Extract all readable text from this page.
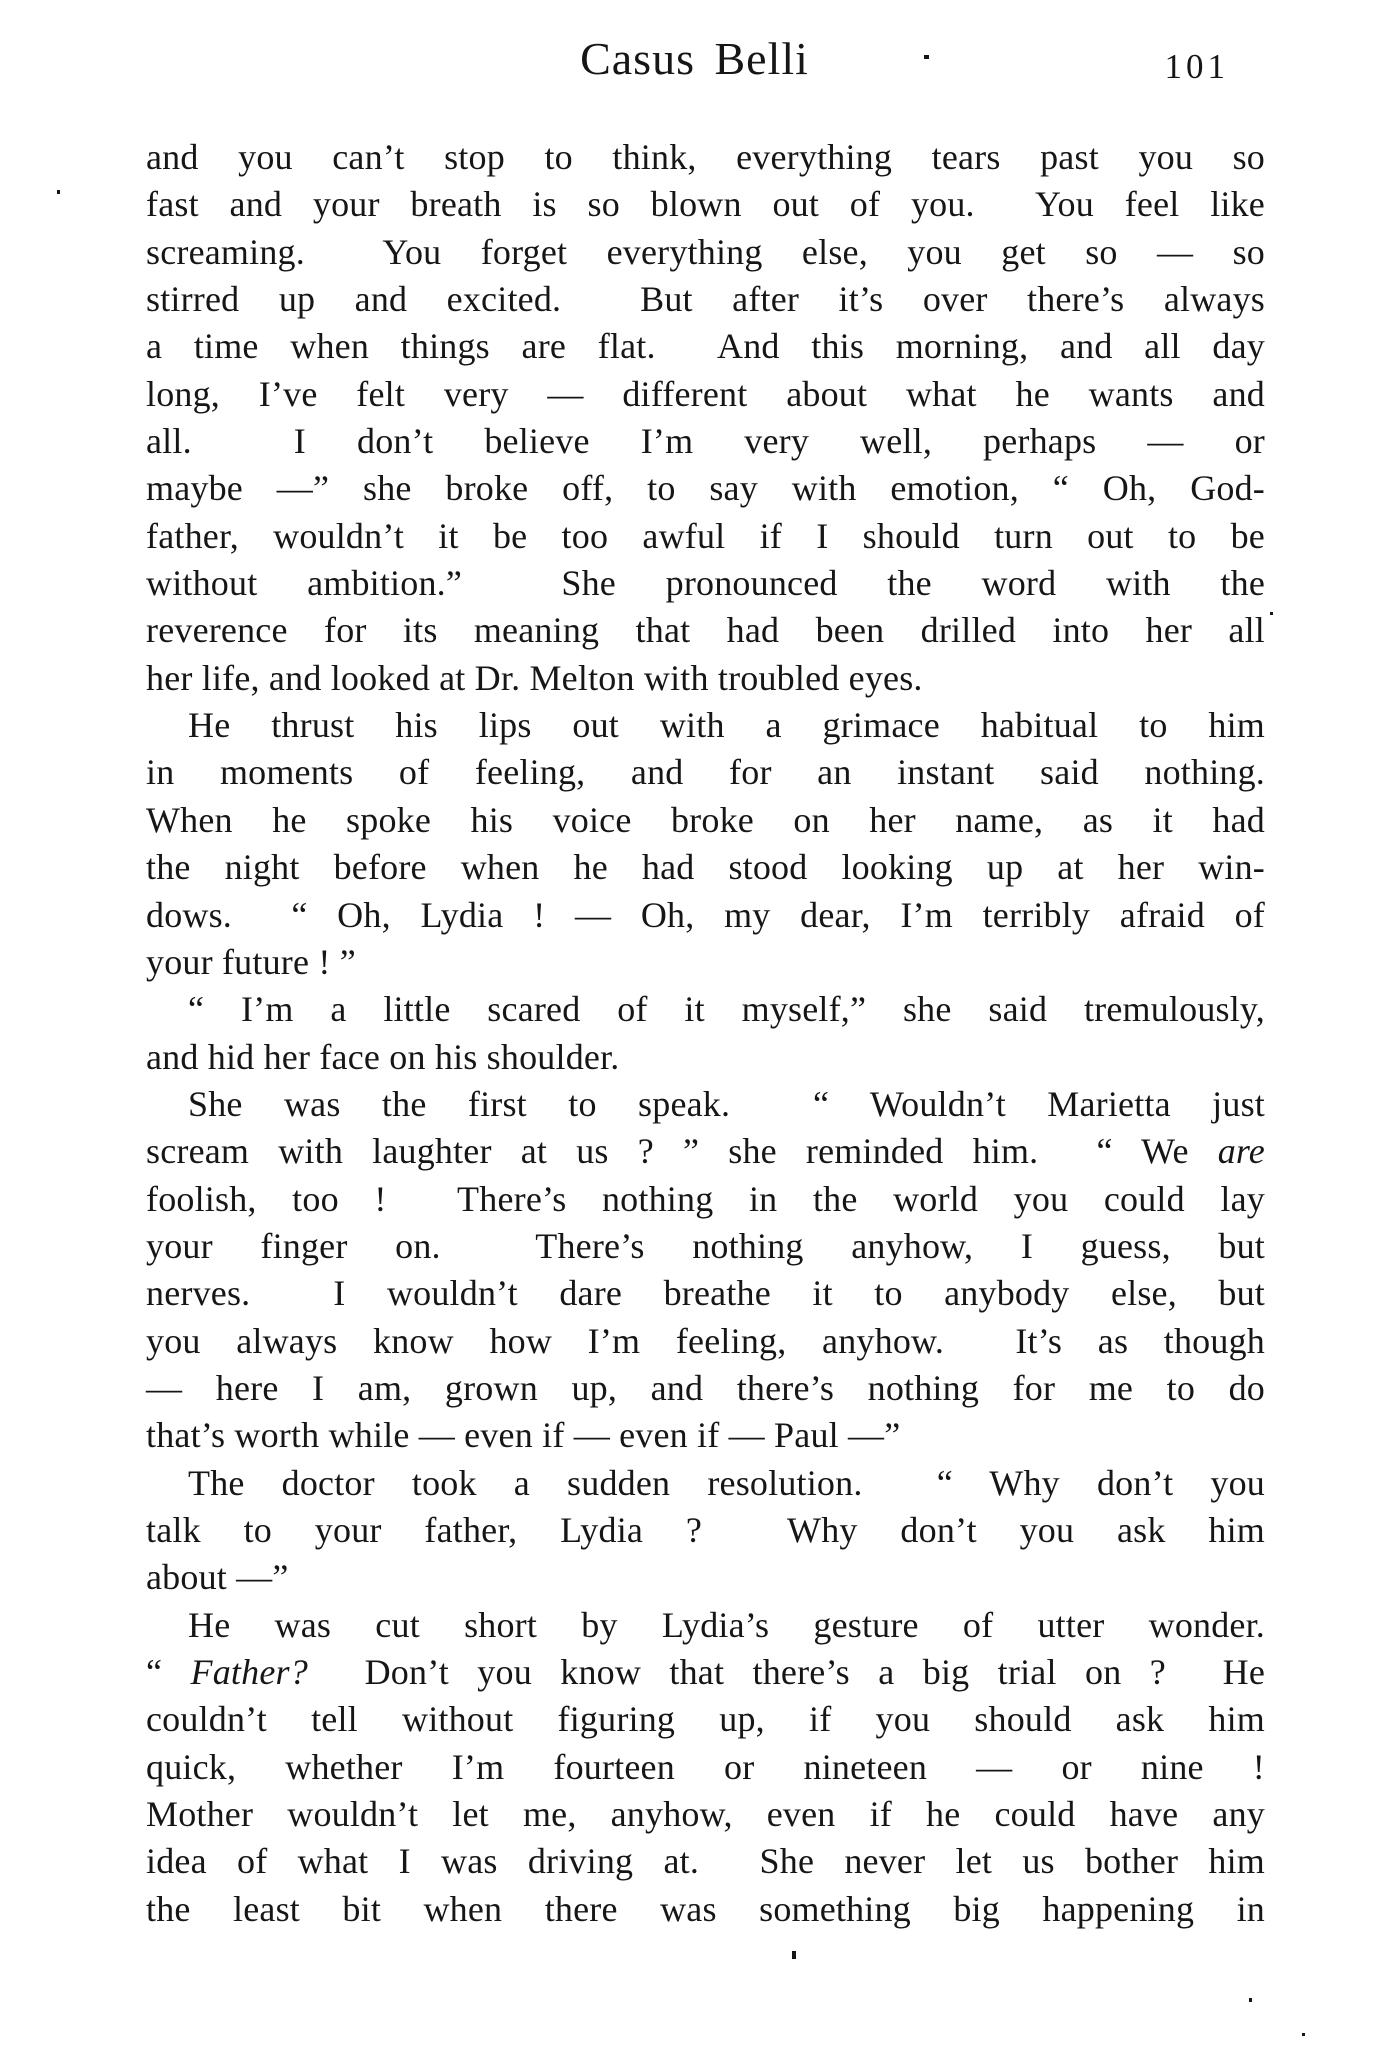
Casus Belli	101
and you can’t stop to think, everything tears past you so
fast and your breath is so blown out of you.  You feel like
screaming.  You forget everything else, you get so — so
stirred up and excited.  But after it’s over there’s always
a time when things are flat.  And this morning, and all day
long, I’ve felt very — different about what he wants and
all.  I don’t believe I’m very well, perhaps — or
maybe —” she broke off, to say with emotion, “ Oh, God-
father, wouldn’t it be too awful if I should turn out to be
without ambition.”  She pronounced the word with the
reverence for its meaning that had been drilled into her all
her life, and looked at Dr. Melton with troubled eyes.
He thrust his lips out with a grimace habitual to him
in moments of feeling, and for an instant said nothing.
When he spoke his voice broke on her name, as it had
the night before when he had stood looking up at her win-
dows.  “ Oh, Lydia ! — Oh, my dear, I’m terribly afraid of
your future ! ”
“ I’m a little scared of it myself,” she said tremulously,
and hid her face on his shoulder.
She was the first to speak.  “ Wouldn’t Marietta just
scream with laughter at us ? ” she reminded him.  “ We are
foolish, too !  There’s nothing in the world you could lay
your finger on.  There’s nothing anyhow, I guess, but
nerves.  I wouldn’t dare breathe it to anybody else, but
you always know how I’m feeling, anyhow.  It’s as though
— here I am, grown up, and there’s nothing for me to do
that’s worth while — even if — even if — Paul —”
The doctor took a sudden resolution.  “ Why don’t you
talk to your father, Lydia ?  Why don’t you ask him
about —”
He was cut short by Lydia’s gesture of utter wonder.
“ Father?  Don’t you know that there’s a big trial on ?  He
couldn’t tell without figuring up, if you should ask him
quick, whether I’m fourteen or nineteen — or nine !
Mother wouldn’t let me, anyhow, even if he could have any
idea of what I was driving at.  She never let us bother him
the least bit when there was something big happening in
